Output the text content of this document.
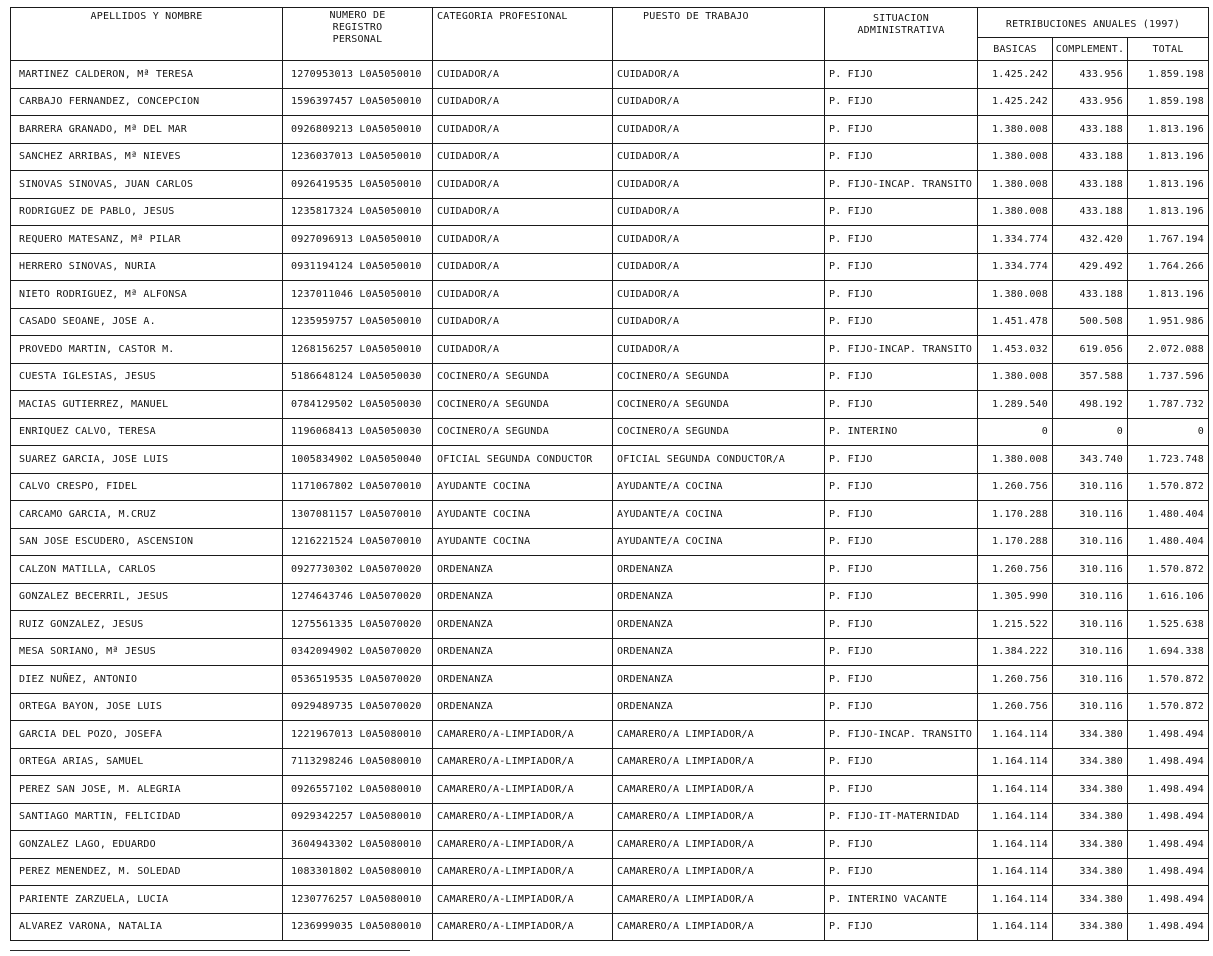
APELLIDOS Y NOMBRE	NUMERO DE REGISTRO PERSONAL	CATEGORIA PROFESIONAL	PUESTO DE TRABAJO	SITUACION ADMINISTRATIVA	RETRIBUCIONES ANUALES (1997)		
					BASICAS	COMPLEMENT.	TOTAL
MARTINEZ CALDERON, Mª TERESA	1270953013 L0A5050010	CUIDADOR/A	CUIDADOR/A	P. FIJO	1.425.242	433.956	1.859.198
CARBAJO FERNANDEZ, CONCEPCION	1596397457 L0A5050010	CUIDADOR/A	CUIDADOR/A	P. FIJO	1.425.242	433.956	1.859.198
BARRERA GRANADO, Mª DEL MAR	0926809213 L0A5050010	CUIDADOR/A	CUIDADOR/A	P. FIJO	1.380.008	433.188	1.813.196
SANCHEZ ARRIBAS, Mª NIEVES	1236037013 L0A5050010	CUIDADOR/A	CUIDADOR/A	P. FIJO	1.380.008	433.188	1.813.196
SINOVAS SINOVAS, JUAN CARLOS	0926419535 L0A5050010	CUIDADOR/A	CUIDADOR/A	P. FIJO-INCAP. TRANSITO	1.380.008	433.188	1.813.196
RODRIGUEZ DE PABLO, JESUS	1235817324 L0A5050010	CUIDADOR/A	CUIDADOR/A	P. FIJO	1.380.008	433.188	1.813.196
REQUERO MATESANZ, Mª PILAR	0927096913 L0A5050010	CUIDADOR/A	CUIDADOR/A	P. FIJO	1.334.774	432.420	1.767.194
HERRERO SINOVAS, NURIA	0931194124 L0A5050010	CUIDADOR/A	CUIDADOR/A	P. FIJO	1.334.774	429.492	1.764.266
NIETO RODRIGUEZ, Mª ALFONSA	1237011046 L0A5050010	CUIDADOR/A	CUIDADOR/A	P. FIJO	1.380.008	433.188	1.813.196
CASADO SEOANE, JOSE A.	1235959757 L0A5050010	CUIDADOR/A	CUIDADOR/A	P. FIJO	1.451.478	500.508	1.951.986
PROVEDO MARTIN, CASTOR M.	1268156257 L0A5050010	CUIDADOR/A	CUIDADOR/A	P. FIJO-INCAP. TRANSITO	1.453.032	619.056	2.072.088
CUESTA IGLESIAS, JESUS	5186648124 L0A5050030	COCINERO/A SEGUNDA	COCINERO/A SEGUNDA	P. FIJO	1.380.008	357.588	1.737.596
MACIAS GUTIERREZ, MANUEL	0784129502 L0A5050030	COCINERO/A SEGUNDA	COCINERO/A SEGUNDA	P. FIJO	1.289.540	498.192	1.787.732
ENRIQUEZ CALVO, TERESA	1196068413 L0A5050030	COCINERO/A SEGUNDA	COCINERO/A SEGUNDA	P. INTERINO	0	0	0
SUAREZ GARCIA, JOSE LUIS	1005834902 L0A5050040	OFICIAL SEGUNDA CONDUCTOR	OFICIAL SEGUNDA CONDUCTOR/A	P. FIJO	1.380.008	343.740	1.723.748
CALVO CRESPO, FIDEL	1171067802 L0A5070010	AYUDANTE COCINA	AYUDANTE/A COCINA	P. FIJO	1.260.756	310.116	1.570.872
CARCAMO GARCIA, M.CRUZ	1307081157 L0A5070010	AYUDANTE COCINA	AYUDANTE/A COCINA	P. FIJO	1.170.288	310.116	1.480.404
SAN JOSE ESCUDERO, ASCENSION	1216221524 L0A5070010	AYUDANTE COCINA	AYUDANTE/A COCINA	P. FIJO	1.170.288	310.116	1.480.404
CALZON MATILLA, CARLOS	0927730302 L0A5070020	ORDENANZA	ORDENANZA	P. FIJO	1.260.756	310.116	1.570.872
GONZALEZ BECERRIL, JESUS	1274643746 L0A5070020	ORDENANZA	ORDENANZA	P. FIJO	1.305.990	310.116	1.616.106
RUIZ GONZALEZ, JESUS	1275561335 L0A5070020	ORDENANZA	ORDENANZA	P. FIJO	1.215.522	310.116	1.525.638
MESA SORIANO, Mª JESUS	0342094902 L0A5070020	ORDENANZA	ORDENANZA	P. FIJO	1.384.222	310.116	1.694.338
DIEZ NUÑEZ, ANTONIO	0536519535 L0A5070020	ORDENANZA	ORDENANZA	P. FIJO	1.260.756	310.116	1.570.872
ORTEGA BAYON, JOSE LUIS	0929489735 L0A5070020	ORDENANZA	ORDENANZA	P. FIJO	1.260.756	310.116	1.570.872
GARCIA DEL POZO, JOSEFA	1221967013 L0A5080010	CAMARERO/A-LIMPIADOR/A	CAMARERO/A LIMPIADOR/A	P. FIJO-INCAP. TRANSITO	1.164.114	334.380	1.498.494
ORTEGA ARIAS, SAMUEL	7113298246 L0A5080010	CAMARERO/A-LIMPIADOR/A	CAMARERO/A LIMPIADOR/A	P. FIJO	1.164.114	334.380	1.498.494
PEREZ SAN JOSE, M. ALEGRIA	0926557102 L0A5080010	CAMARERO/A-LIMPIADOR/A	CAMARERO/A LIMPIADOR/A	P. FIJO	1.164.114	334.380	1.498.494
SANTIAGO MARTIN, FELICIDAD	0929342257 L0A5080010	CAMARERO/A-LIMPIADOR/A	CAMARERO/A LIMPIADOR/A	P. FIJO-IT-MATERNIDAD	1.164.114	334.380	1.498.494
GONZALEZ LAGO, EDUARDO	3604943302 L0A5080010	CAMARERO/A-LIMPIADOR/A	CAMARERO/A LIMPIADOR/A	P. FIJO	1.164.114	334.380	1.498.494
PEREZ MENENDEZ, M. SOLEDAD	1083301802 L0A5080010	CAMARERO/A-LIMPIADOR/A	CAMARERO/A LIMPIADOR/A	P. FIJO	1.164.114	334.380	1.498.494
PARIENTE ZARZUELA, LUCIA	1230776257 L0A5080010	CAMARERO/A-LIMPIADOR/A	CAMARERO/A LIMPIADOR/A	P. INTERINO VACANTE	1.164.114	334.380	1.498.494
ALVAREZ VARONA, NATALIA	1236999035 L0A5080010	CAMARERO/A-LIMPIADOR/A	CAMARERO/A LIMPIADOR/A	P. FIJO	1.164.114	334.380	1.498.494
